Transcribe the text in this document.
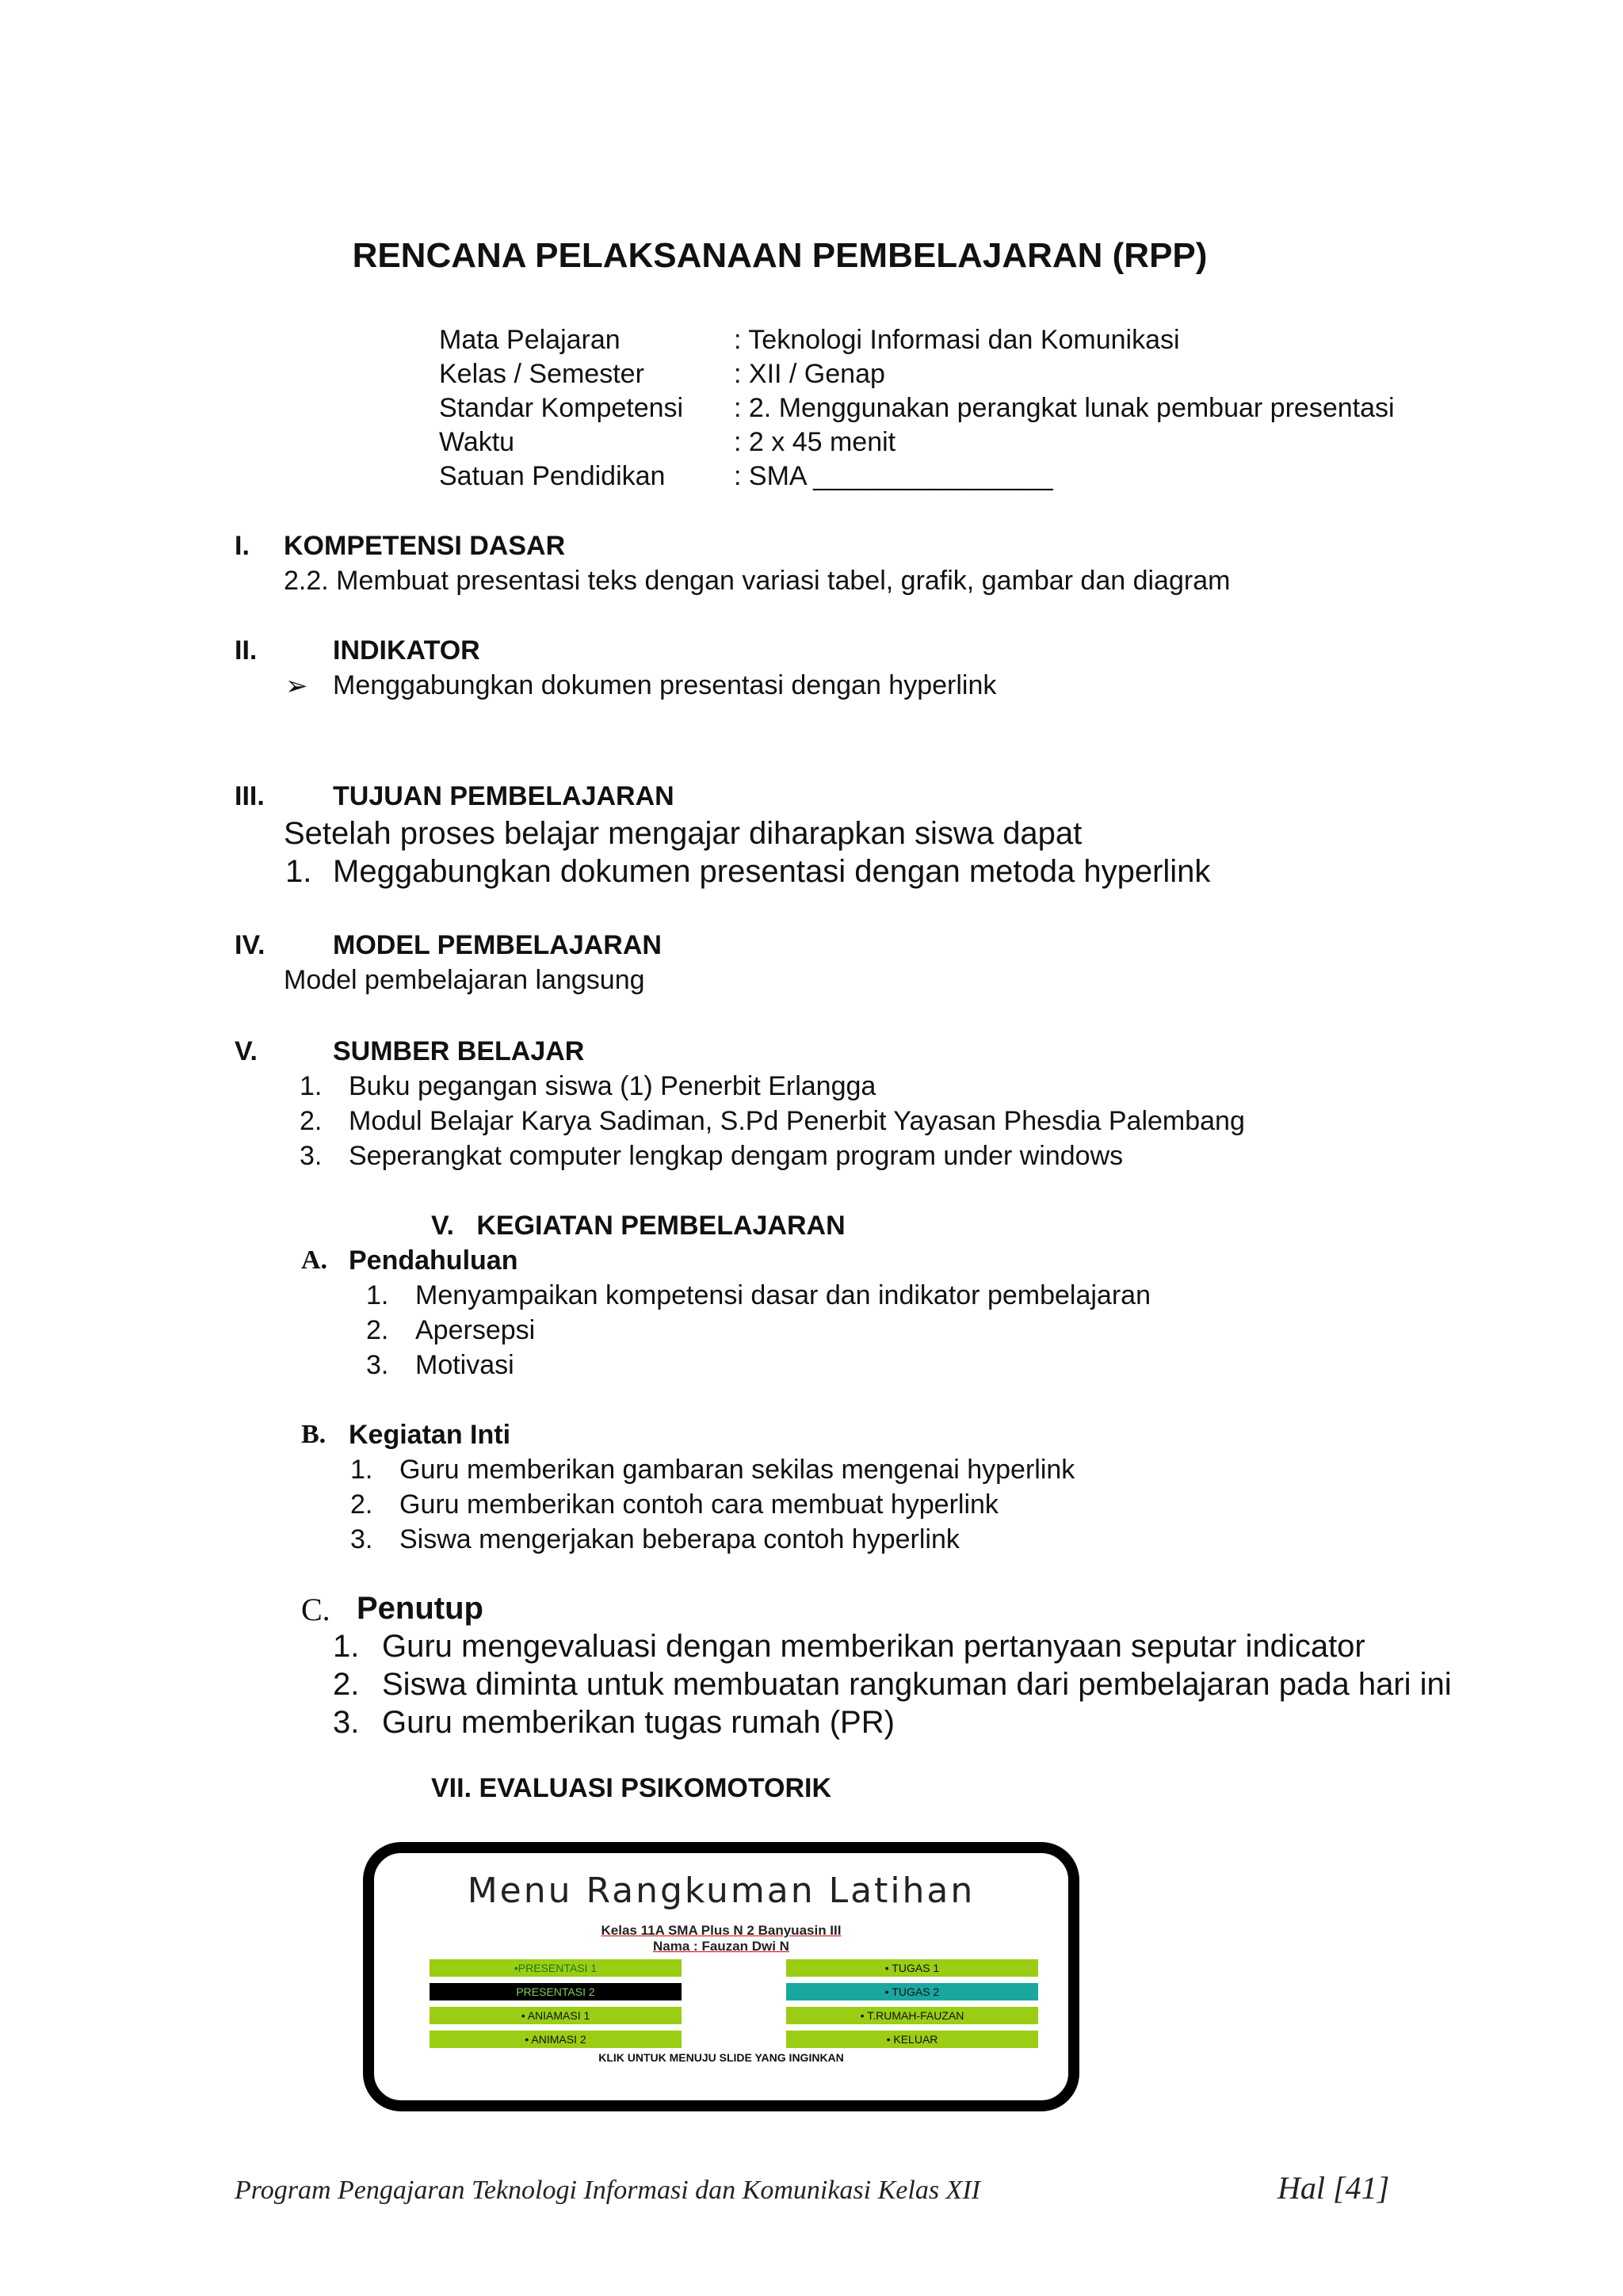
RENCANA PELAKSANAAN PEMBELAJARAN (RPP)
Mata Pelajaran	: Teknologi Informasi dan Komunikasi
Kelas / Semester	: XII / Genap
Standar Kompetensi : 2. Menggunakan perangkat lunak pembuar presentasi
Waktu	: 2 x 45 menit
Satuan Pendidikan	: SMA ________________
I. KOMPETENSI DASAR
2.2. Membuat presentasi teks dengan variasi tabel, grafik, gambar dan diagram
II.	INDIKATOR
➢ Menggabungkan dokumen presentasi dengan hyperlink
III.	TUJUAN PEMBELAJARAN
Setelah proses belajar mengajar diharapkan siswa dapat
1. Meggabungkan dokumen presentasi dengan metoda hyperlink
IV.	MODEL PEMBELAJARAN
Model pembelajaran langsung
V.	SUMBER BELAJAR
1. Buku pegangan siswa (1) Penerbit Erlangga
2. Modul Belajar Karya Sadiman, S.Pd Penerbit Yayasan Phesdia Palembang
3. Seperangkat computer lengkap dengam program under windows
V.   KEGIATAN PEMBELAJARAN
A. Pendahuluan
1. Menyampaikan kompetensi dasar dan indikator pembelajaran
2. Apersepsi
3. Motivasi
B. Kegiatan Inti
1. Guru memberikan gambaran sekilas mengenai hyperlink
2. Guru memberikan contoh cara membuat hyperlink
3. Siswa mengerjakan beberapa contoh hyperlink
C. Penutup
1. Guru mengevaluasi dengan memberikan pertanyaan seputar indicator
2. Siswa diminta untuk membuatan rangkuman dari pembelajaran pada hari ini
3. Guru memberikan tugas rumah (PR)
VII. EVALUASI PSIKOMOTORIK
Menu Rangkuman Latihan
Kelas 11A SMA Plus N 2 Banyuasin III
Nama : Fauzan Dwi N
•PRESENTASI 1
PRESENTASI 2
• ANIAMASI 1
• ANIMASI 2
• TUGAS 1
• TUGAS 2
• T.RUMAH-FAUZAN
• KELUAR
KLIK UNTUK MENUJU SLIDE YANG INGINKAN
Program Pengajaran Teknologi Informasi dan Komunikasi Kelas XII	Hal [41]
